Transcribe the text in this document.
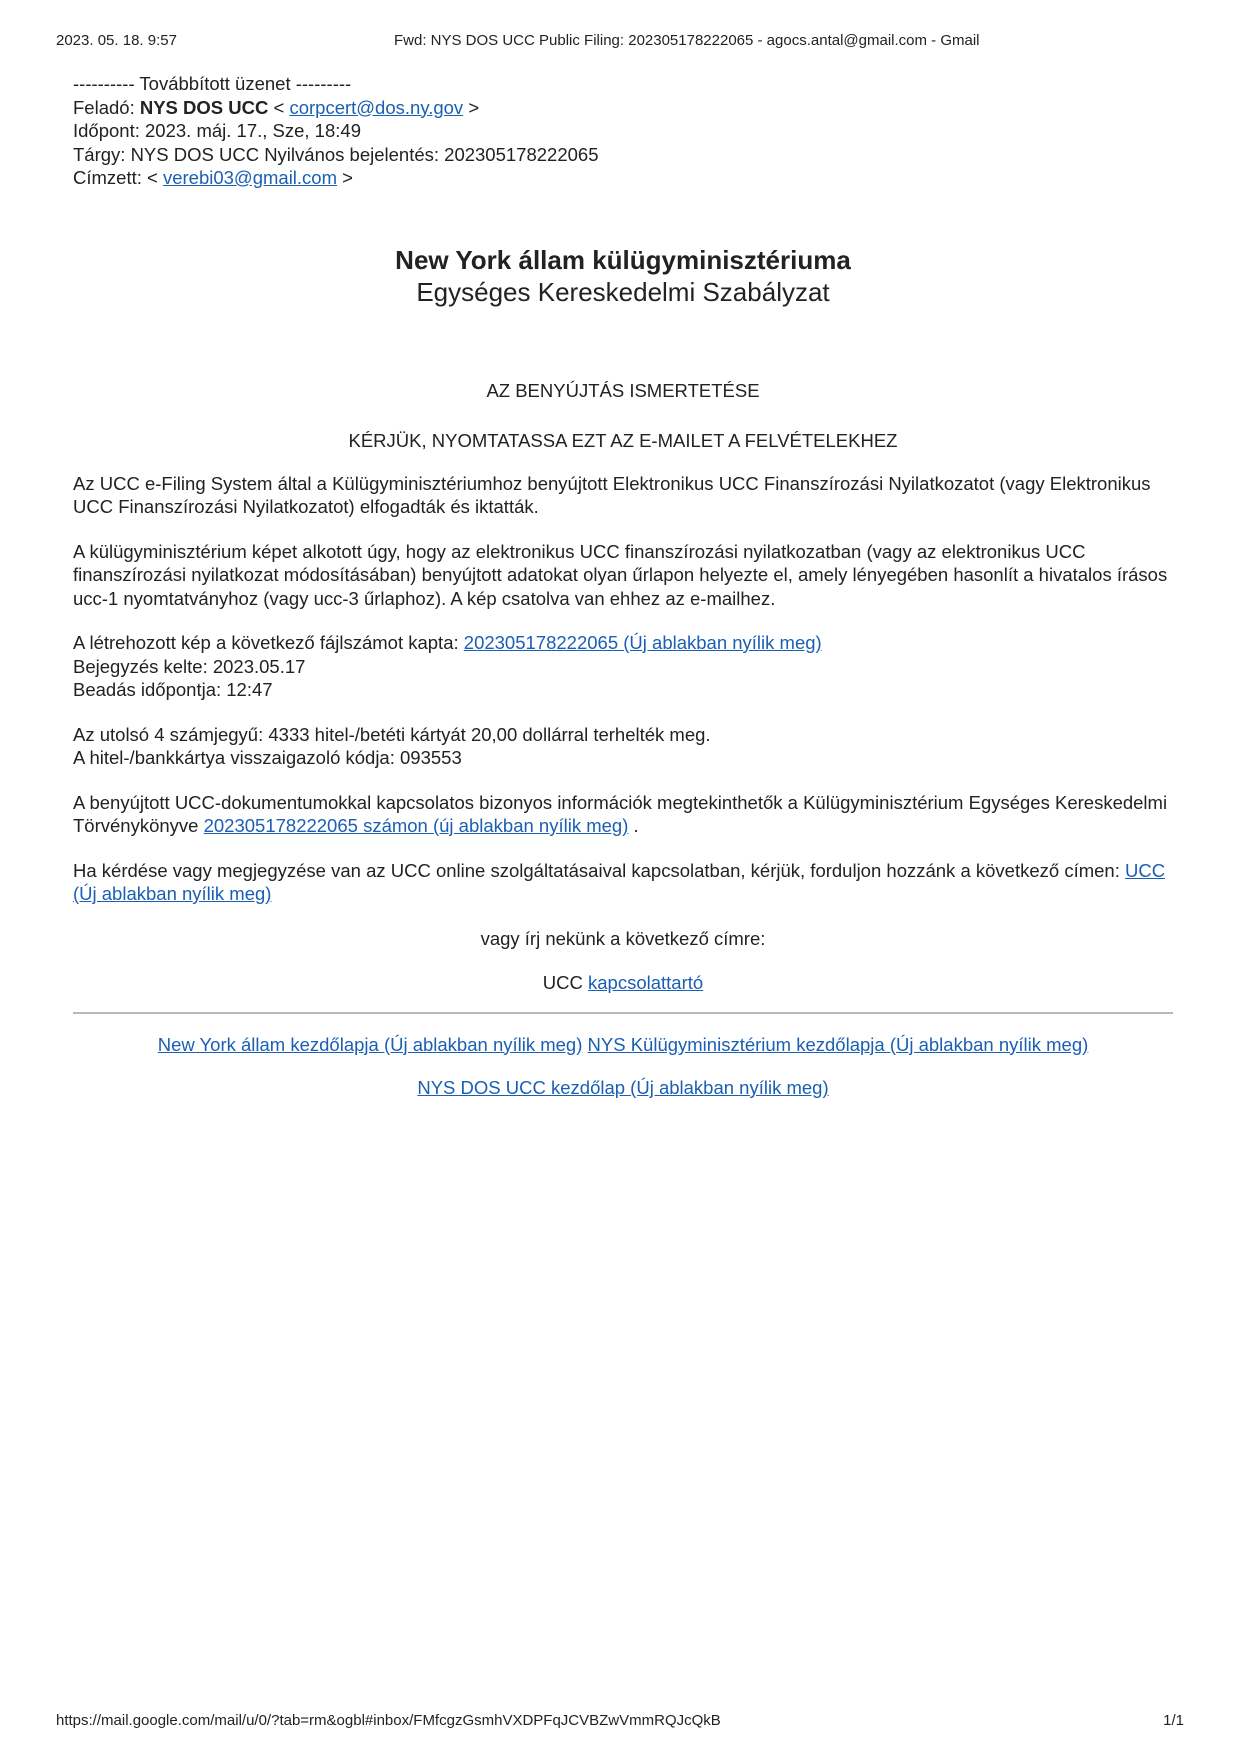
2023. 05. 18. 9:57	Fwd: NYS DOS UCC Public Filing: 202305178222065 - agocs.antal@gmail.com - Gmail
---------- Továbbított üzenet ---------
Feladó: NYS DOS UCC < corpcert@dos.ny.gov >
Időpont: 2023. máj. 17., Sze, 18:49
Tárgy: NYS DOS UCC Nyilvános bejelentés: 202305178222065
Címzett: < verebi03@gmail.com >
New York állam külügyminisztériuma
Egységes Kereskedelmi Szabályzat
AZ BENYÚJTÁS ISMERTETÉSE
KÉRJÜK, NYOMTATASSA EZT AZ E-MAILET A FELVÉTELEKHEZ

Az UCC e-Filing System által a Külügyminisztériumhoz benyújtott Elektronikus UCC Finanszírozási Nyilatkozatot (vagy Elektronikus UCC Finanszírozási Nyilatkozatot) elfogadták és iktatták.

A külügyminisztérium képet alkotott úgy, hogy az elektronikus UCC finanszírozási nyilatkozatban (vagy az elektronikus UCC finanszírozási nyilatkozat módosításában) benyújtott adatokat olyan űrlapon helyezte el, amely lényegében hasonlít a hivatalos írásos ucc-1 nyomtatványhoz (vagy ucc-3 űrlaphoz). A kép csatolva van ehhez az e-mailhez.

A létrehozott kép a következő fájlszámot kapta: 202305178222065 (Új ablakban nyílik meg)
Bejegyzés kelte: 2023.05.17
Beadás időpontja: 12:47

Az utolsó 4 számjegyű: 4333 hitel-/betéti kártyát 20,00 dollárral terhelték meg.
A hitel-/bankkártya visszaigazoló kódja: 093553

A benyújtott UCC-dokumentumokkal kapcsolatos bizonyos információk megtekinthetők a Külügyminisztérium Egységes Kereskedelmi Törvénykönyve 202305178222065 számon (új ablakban nyílik meg) .

Ha kérdése vagy megjegyzése van az UCC online szolgáltatásaival kapcsolatban, kérjük, forduljon hozzánk a következő címen: UCC (Új ablakban nyílik meg)

vagy írj nekünk a következő címre:

UCC kapcsolattartó

New York állam kezdőlapja (Új ablakban nyílik meg) NYS Külügyminisztérium kezdőlapja (Új ablakban nyílik meg)
NYS DOS UCC kezdőlap (Új ablakban nyílik meg)
https://mail.google.com/mail/u/0/?tab=rm&ogbl#inbox/FMfcgzGsmhVXDPFqJCVBZwVmmRQJcQkB	1/1
